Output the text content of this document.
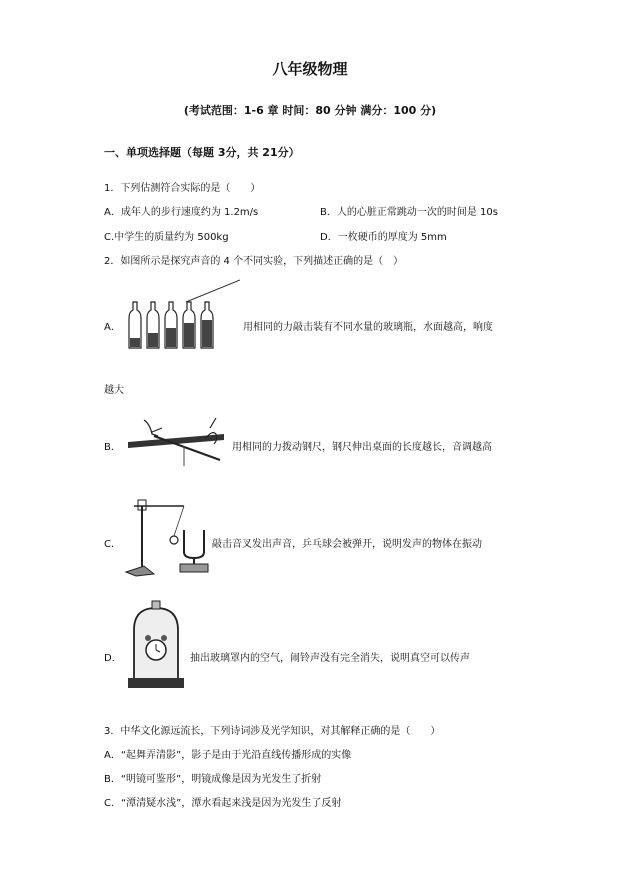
八年级物理
(考试范围：1-6 章 时间：80 分钟 满分：100 分)
一、单项选择题（每题 3分，共 21分）
1．下列估测符合实际的是（　　）
A．成年人的步行速度约为 1.2m/s	B．人的心脏正常跳动一次的时间是 10s
C.中学生的质量约为 500kg	D．一枚硬币的厚度为 5mm
2．如图所示是探究声音的 4 个不同实验，下列描述正确的是（　）
A．	用相同的力敲击装有不同水量的玻璃瓶，水面越高，响度
越大
B．	用相同的力拨动钢尺，钢尺伸出桌面的长度越长，音调越高
C．	敲击音叉发出声音，乒乓球会被弹开，说明发声的物体在振动
D．	抽出玻璃罩内的空气，闹铃声没有完全消失，说明真空可以传声
3．中华文化源远流长，下列诗词涉及光学知识，对其解释正确的是（　　）
A．“起舞弄清影”，影子是由于光沿直线传播形成的实像
B．“明镜可鉴形”，明镜成像是因为光发生了折射
C．“潭清疑水浅”，潭水看起来浅是因为光发生了反射
